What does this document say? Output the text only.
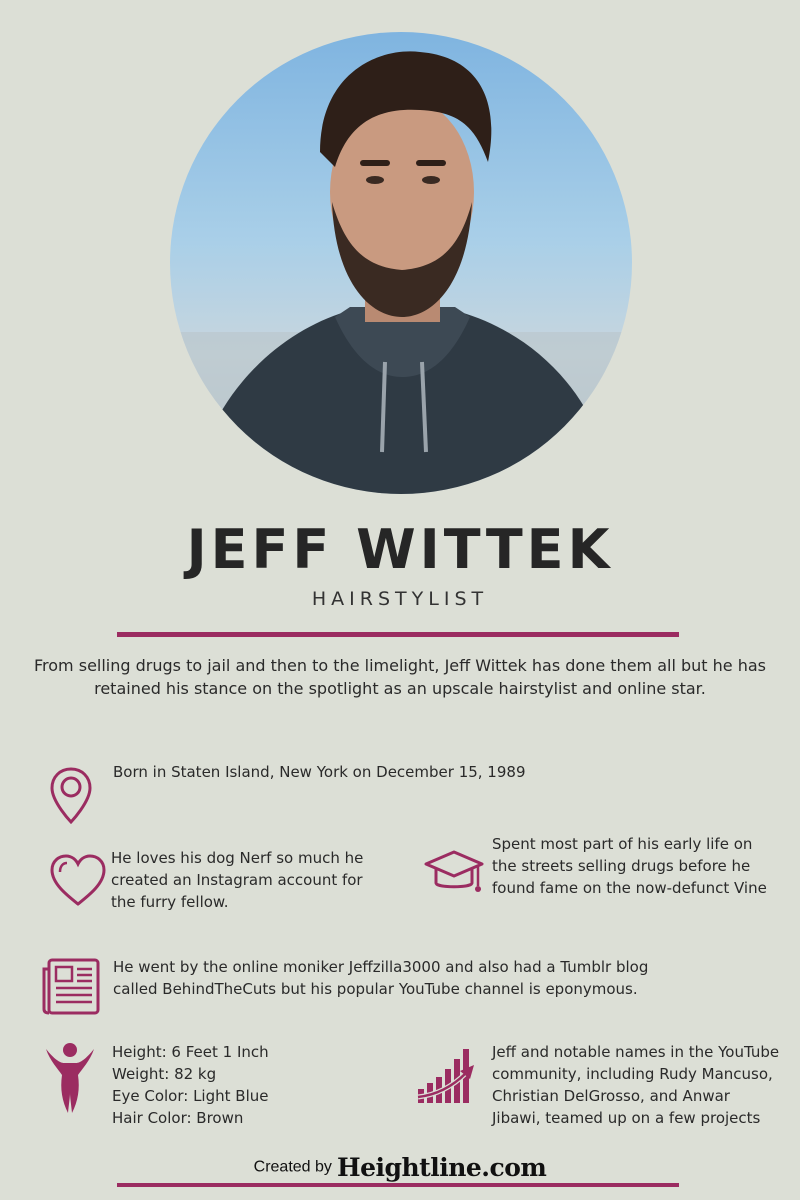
JEFF WITTEK
HAIRSTYLIST
From selling drugs to jail and then to the limelight, Jeff Wittek has done them all but he has retained his stance on the spotlight as an upscale hairstylist and online star.
Born in Staten Island, New York on December 15, 1989
He loves his dog Nerf so much he created an Instagram account for the furry fellow.
Spent most part of his early life on the streets selling drugs before he found fame on the now-defunct Vine
He went by the online moniker Jeffzilla3000 and also had a Tumblr blog called BehindTheCuts but his popular YouTube channel is eponymous.
Height: 6 Feet 1 Inch
Weight: 82 kg
Eye Color: Light Blue
Hair Color: Brown
Jeff and notable names in the YouTube community, including Rudy Mancuso, Christian DelGrosso, and Anwar Jibawi, teamed up on a few projects
Created by Heightline.com
